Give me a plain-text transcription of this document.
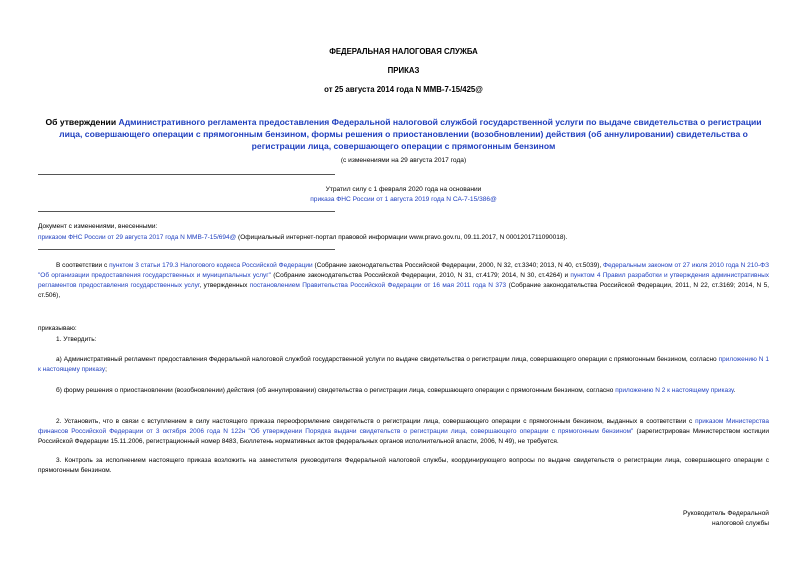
ФЕДЕРАЛЬНАЯ НАЛОГОВАЯ СЛУЖБА
ПРИКАЗ
от 25 августа 2014 года N ММВ-7-15/425@
Об утверждении Административного регламента предоставления Федеральной налоговой службой государственной услуги по выдаче свидетельства о регистрации лица, совершающего операции с прямогонным бензином, формы решения о приостановлении (возобновлении) действия (об аннулировании) свидетельства о регистрации лица, совершающего операции с прямогонным бензином
(с изменениями на 29 августа 2017 года)
Утратил силу с 1 февраля 2020 года на основании
приказа ФНС России от 1 августа 2019 года N СА-7-15/386@
Документ с изменениями, внесенными:
приказом ФНС России от 29 августа 2017 года N ММВ-7-15/694@ (Официальный интернет-портал правовой информации www.pravo.gov.ru, 09.11.2017, N 0001201711090018).
В соответствии с пунктом 3 статьи 179.3 Налогового кодекса Российской Федерации (Собрание законодательства Российской Федерации, 2000, N 32, ст.3340; 2013, N 40, ст.5039), Федеральным законом от 27 июля 2010 года N 210-ФЗ "Об организации предоставления государственных и муниципальных услуг" (Собрание законодательства Российской Федерации, 2010, N 31, ст.4179; 2014, N 30, ст.4264) и пунктом 4 Правил разработки и утверждения административных регламентов предоставления государственных услуг, утвержденных постановлением Правительства Российской Федерации от 16 мая 2011 года N 373 (Собрание законодательства Российской Федерации, 2011, N 22, ст.3169; 2014, N 5, ст.506),
приказываю:
1. Утвердить:
а) Административный регламент предоставления Федеральной налоговой службой государственной услуги по выдаче свидетельства о регистрации лица, совершающего операции с прямогонным бензином, согласно приложению N 1 к настоящему приказу;
б) форму решения о приостановлении (возобновлении) действия (об аннулировании) свидетельства о регистрации лица, совершающего операции с прямогонным бензином, согласно приложению N 2 к настоящему приказу.
2. Установить, что в связи с вступлением в силу настоящего приказа переоформление свидетельств о регистрации лица, совершающего операции с прямогонным бензином, выданных в соответствии с приказом Министерства финансов Российской Федерации от 3 октября 2006 года N 122н "Об утверждении Порядка выдачи свидетельств о регистрации лица, совершающего операции с прямогонным бензином" (зарегистрирован Министерством юстиции Российской Федерации 15.11.2006, регистрационный номер 8483, Бюллетень нормативных актов федеральных органов исполнительной власти, 2006, N 49), не требуется.
3. Контроль за исполнением настоящего приказа возложить на заместителя руководителя Федеральной налоговой службы, координирующего вопросы по выдаче свидетельств о регистрации лица, совершающего операции с прямогонным бензином.
Руководитель Федеральной
налоговой службы
